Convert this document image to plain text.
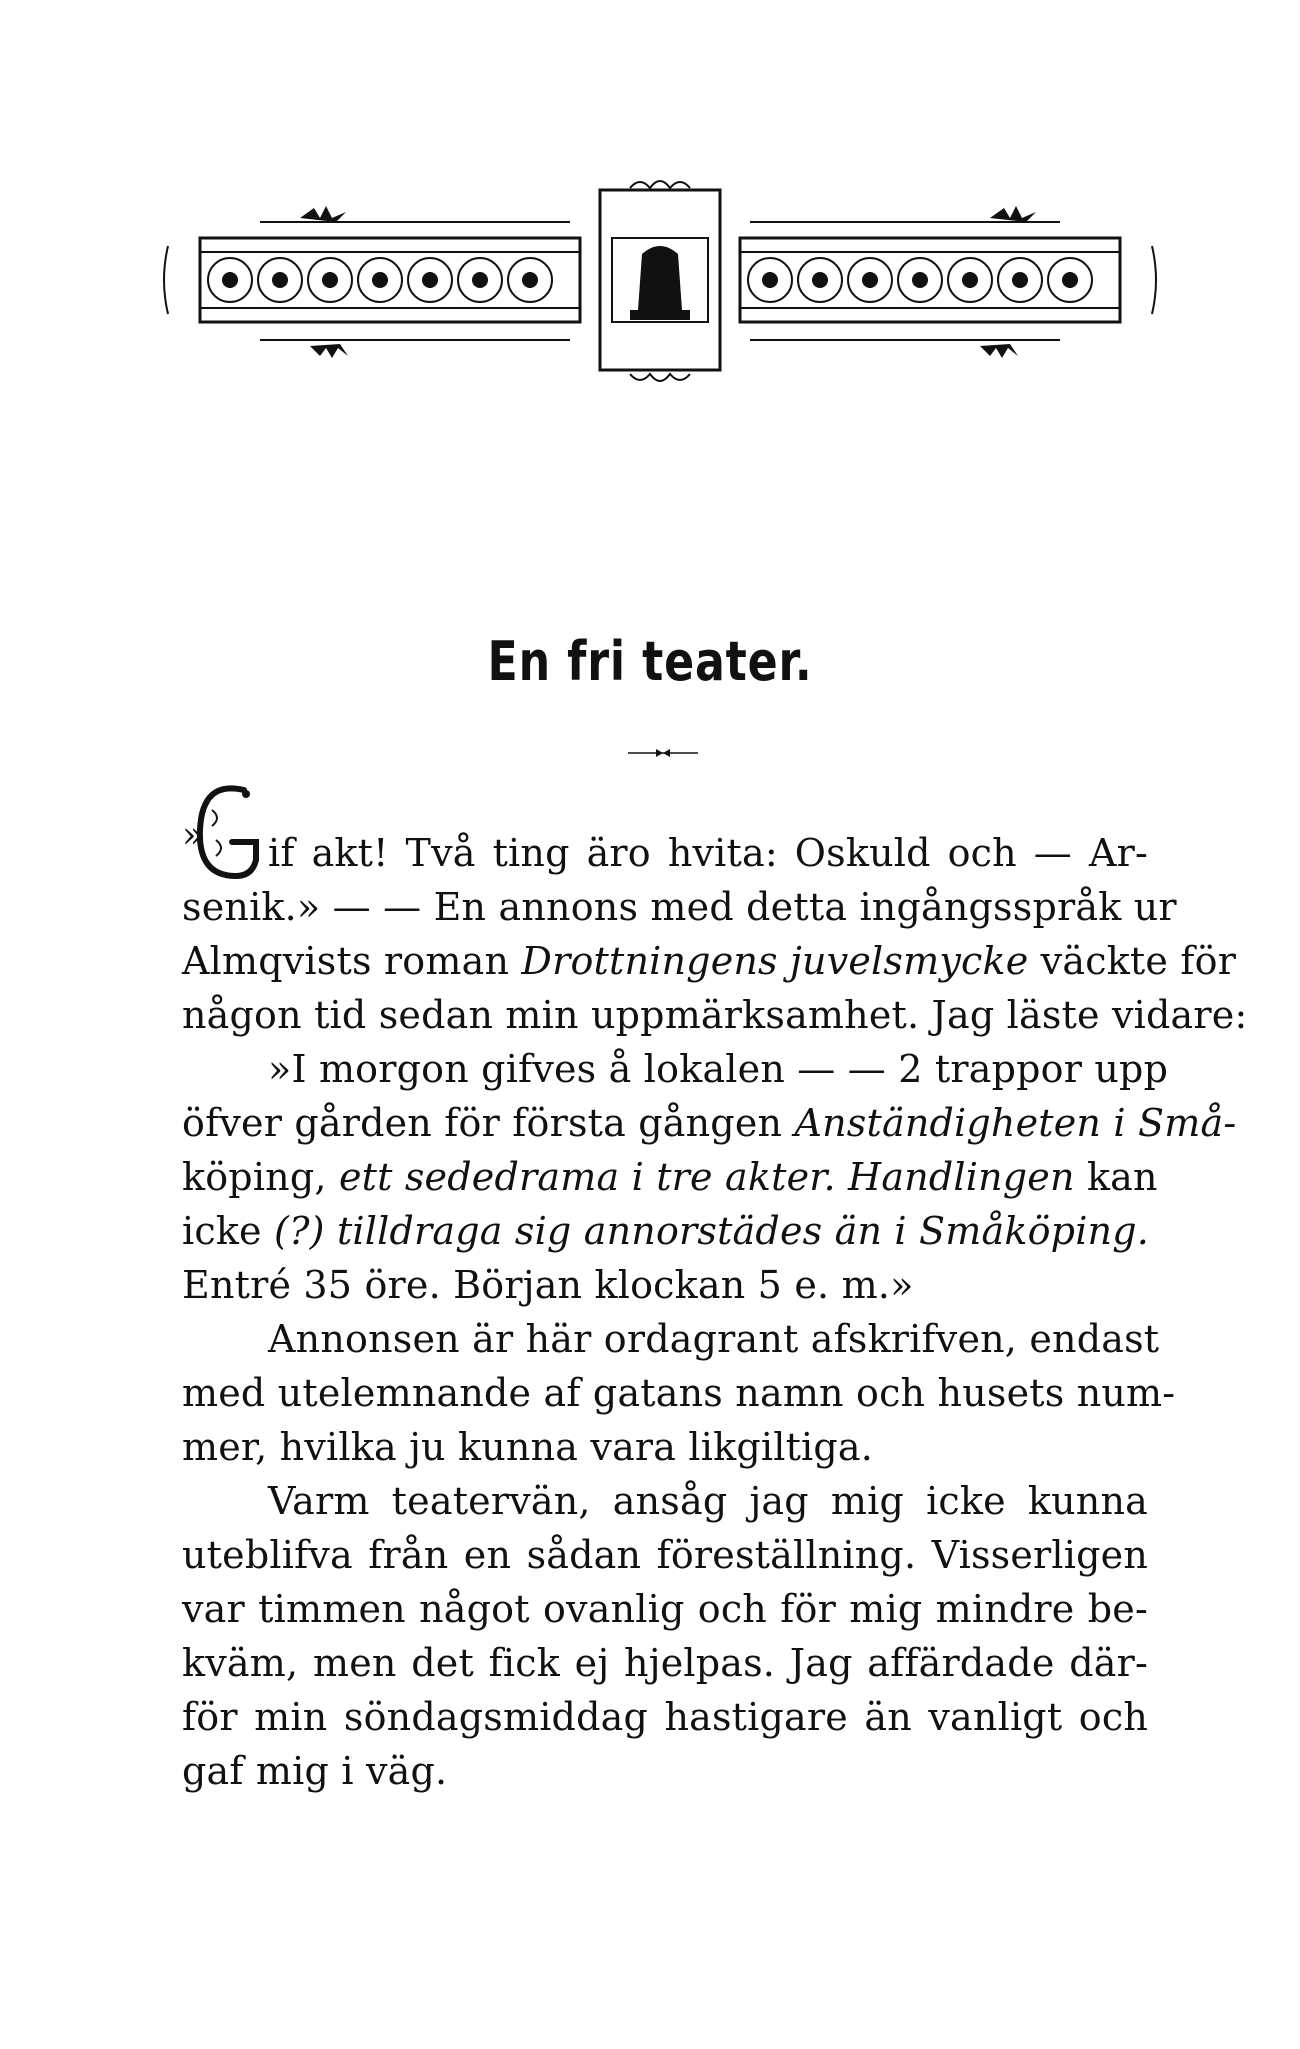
En fri teater.
»	if akt! Två ting äro hvita: Oskuld och — Ar-
senik.» — — En annons med detta ingångsspråk ur
Almqvists roman Drottningens juvelsmycke väckte för
någon tid sedan min uppmärksamhet. Jag läste vidare:
»I morgon gifves å lokalen — — 2 trappor upp
öfver gården för första gången Anständigheten i Små-
köping, ett sededrama i tre akter. Handlingen kan
icke (?) tilldraga sig annorstädes än i Småköping.
Entré 35 öre. Början klockan 5 e. m.»
Annonsen är här ordagrant afskrifven, endast
med utelemnande af gatans namn och husets num-
mer, hvilka ju kunna vara likgiltiga.
Varm teatervän, ansåg jag mig icke kunna
uteblifva från en sådan föreställning. Visserligen
var timmen något ovanlig och för mig mindre be-
kväm, men det fick ej hjelpas. Jag affärdade där-
för min söndagsmiddag hastigare än vanligt och
gaf mig i väg.
